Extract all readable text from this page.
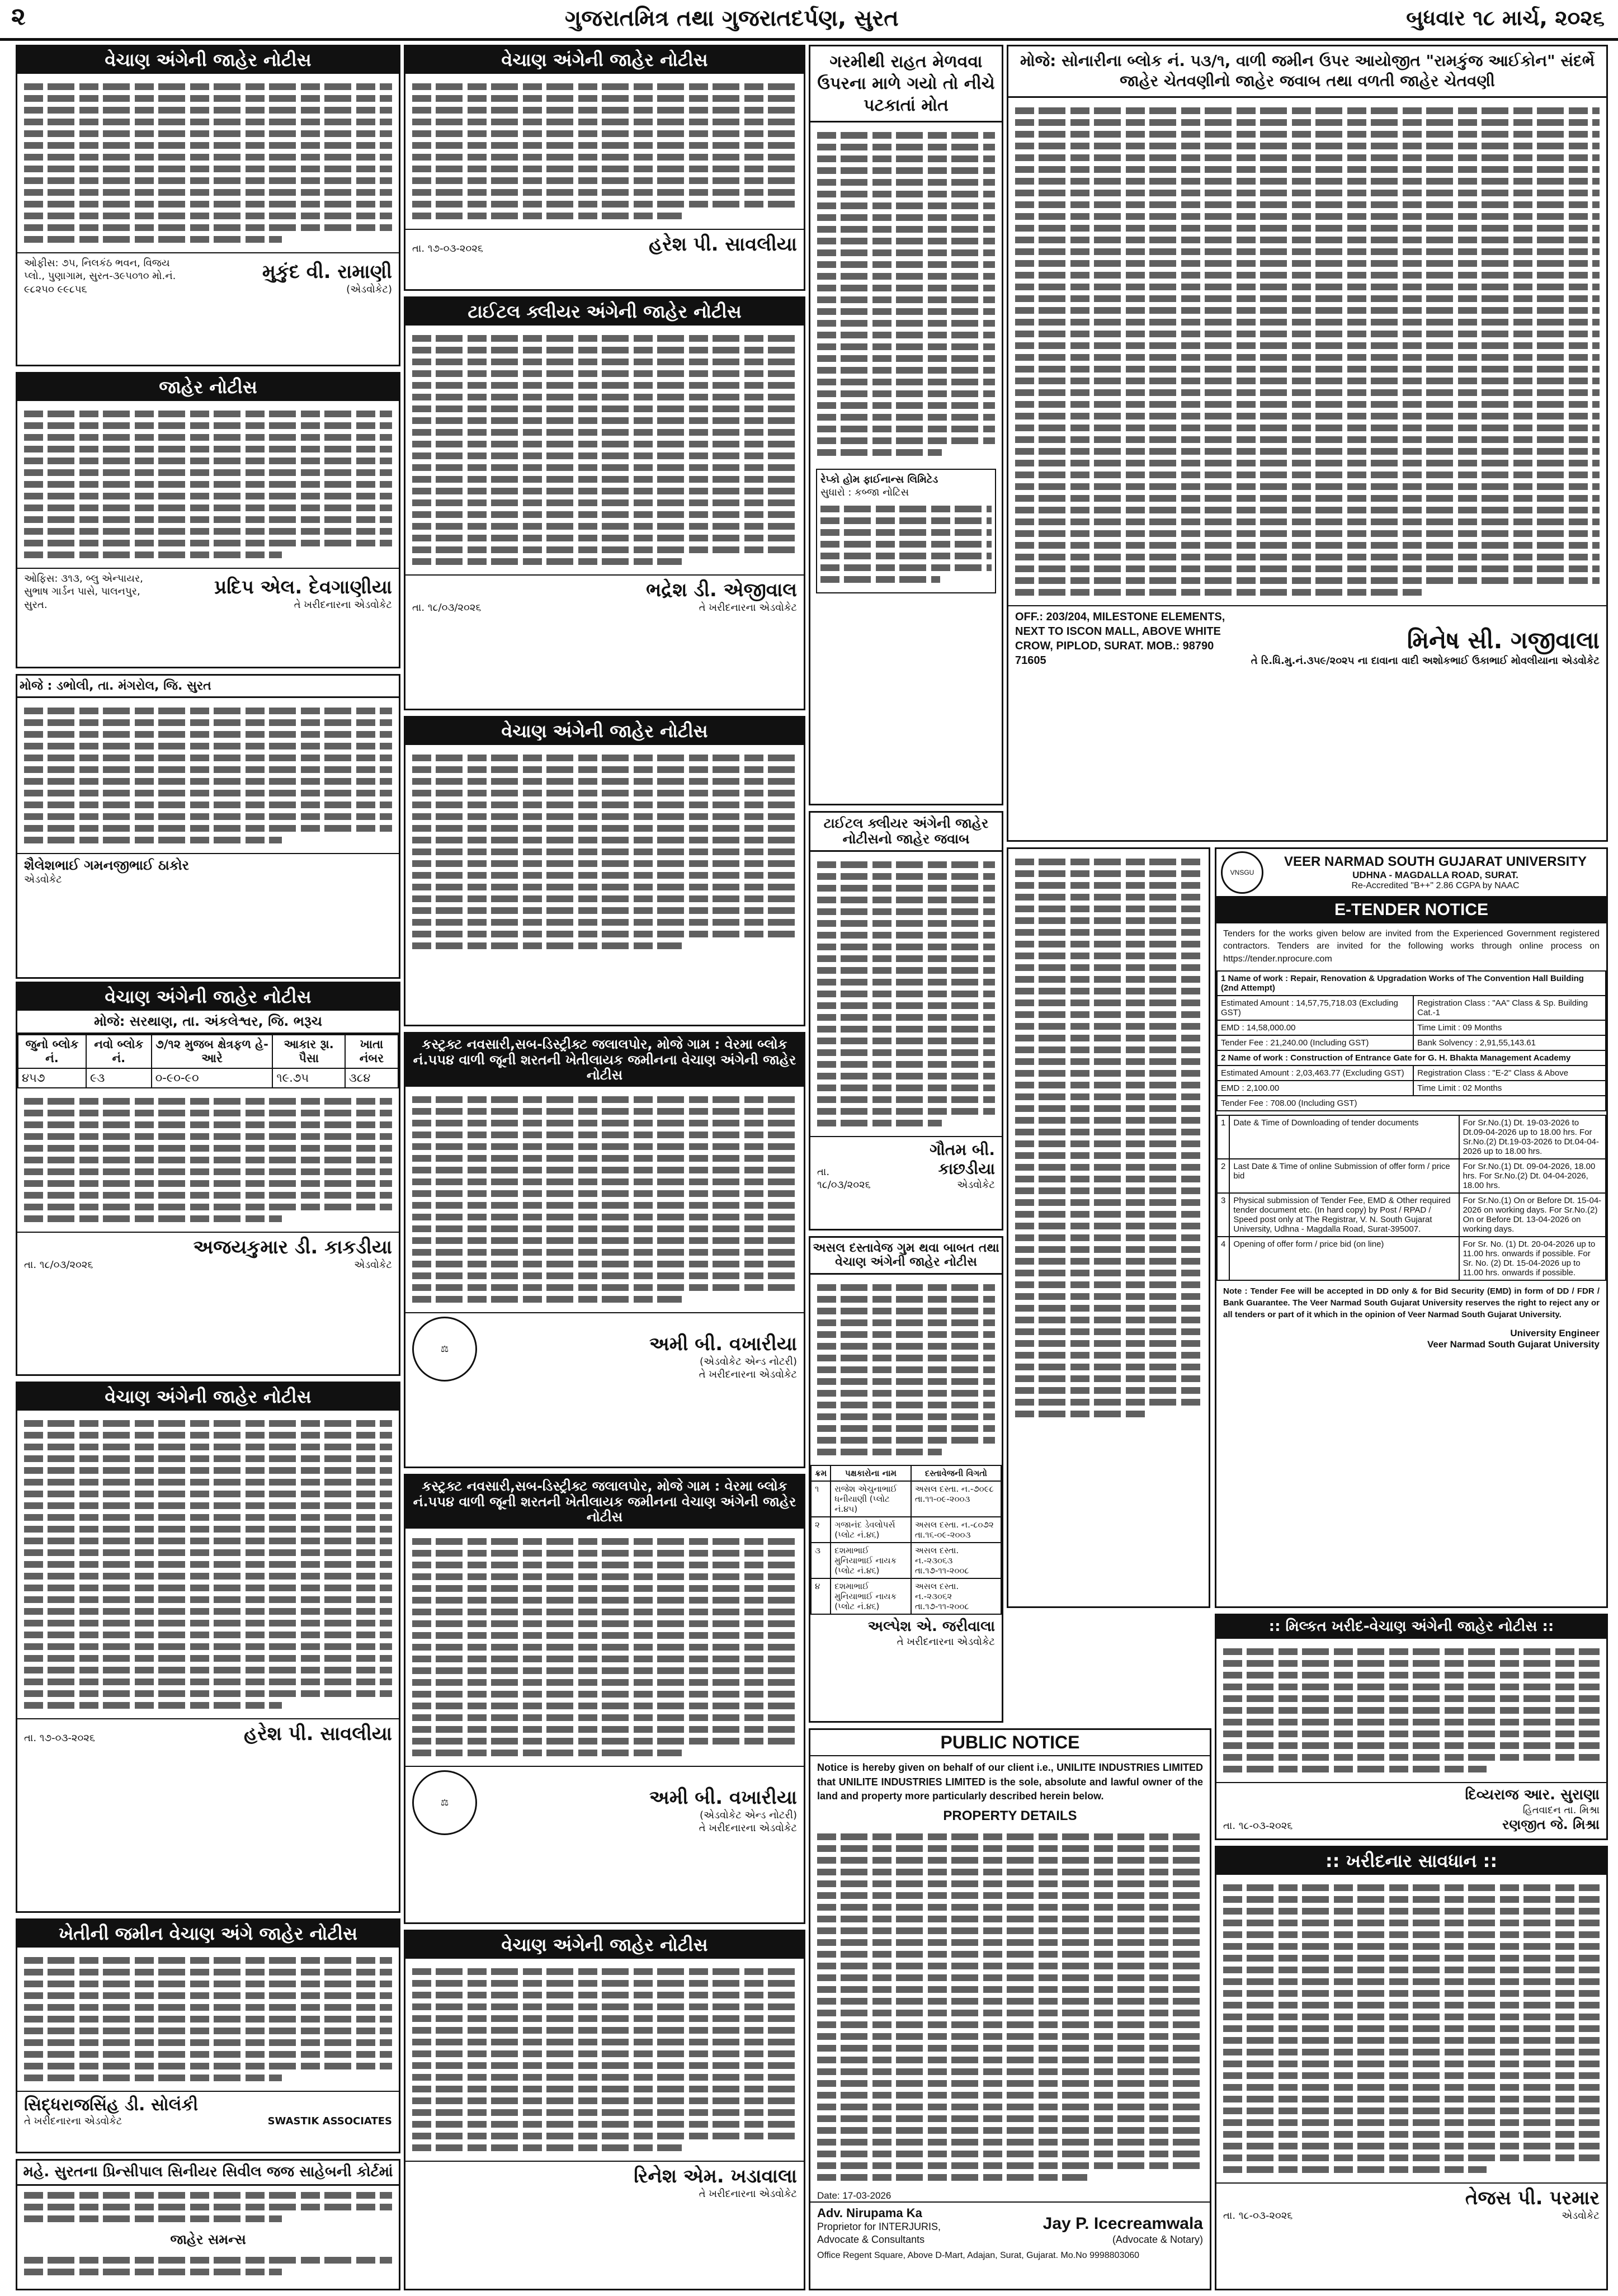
૨	ગુજરાતમિત્ર તથા ગુજરાતદર્પણ, સુરત	બુધવાર ૧૮ માર્ચ, ૨૦૨૬
વેચાણ અંગેની જાહેર નોટીસ
ઓફીસ: ૭૫, નિલકંઠ ભવન, વિજય પ્લો., પુણાગામ, સુરત-૩૯૫૦૧૦ મો.નં. ૯૮૨૫૦ ૯૯૮૫૬
મુકુંદ વી. રામાણી
(એડવોકેટ)
જાહેર નોટીસ
ઓફિસ: ૩૧૩, બ્લુ એન્પાયર, સુભાષ ગાર્ડન પાસે, પાલનપુર, સુરત.
પ્રદિપ એલ. દેવગાણીયા
તે ખરીદનારના એડવોકેટ
મોજે : ડભોલી, તા. મંગરોલ, જિ. સુરત
શૈલેશભાઈ ગમનજીભાઈ ઠાકોર
એડવોકેટ
વેચાણ અંગેની જાહેર નોટીસ
મોજે: સરથાણ, તા. અંકલેશ્વર, જિ. ભરૂચ
જુનો બ્લોક નં.	નવો બ્લોક નં.	૭/૧૨ મુજબ ક્ષેત્રફળ હે-આરે	આકાર રૂા. પૈસા	ખાતા નંબર
૪૫૭	૯૩	૦-૯૦-૯૦	૧૯.૭૫	૩૮૪
તા. ૧૮/૦૩/૨૦૨૬
અજયકુમાર ડી. કાકડીયા
એડવોકેટ
વેચાણ અંગેની જાહેર નોટીસ
તા. ૧૭-૦૩-૨૦૨૬	હરેશ પી. સાવલીયા
ખેતીની જમીન વેચાણ અંગે જાહેર નોટીસ
સિદ્ધરાજસિંહ ડી. સોલંકી
તે ખરીદનારના એડવોકેટ	SWASTIK ASSOCIATES
મહે. સુરતના પ્રિન્સીપાલ સિનીયર સિવીલ જજ સાહેબની કોર્ટમાં
જાહેર સમન્સ
વેચાણ અંગેની જાહેર નોટીસ
તા. ૧૭-૦૩-૨૦૨૬	હરેશ પી. સાવલીયા
ટાઈટલ ક્લીયર અંગેની જાહેર નોટીસ
તા. ૧૮/૦૩/૨૦૨૬
ભદ્રેશ ડી. એજીવાલ
તે ખરીદનારના એડવોકેટ
વેચાણ અંગેની જાહેર નોટીસ
કસ્ટ્રક્ટ નવસારી,સબ-ડિસ્ટ્રીક્ટ જલાલપોર, મોજે ગામ : વેરમા બ્લોક નં.૫૫૪ વાળી જૂની શરતની ખેતીલાયક જમીનના વેચાણ અંગેની જાહેર નોટીસ
⚖	અમી બી. વખારીયા
(એડવોકેટ એન્ડ નોટરી)
તે ખરીદનારના એડવોકેટ
કસ્ટ્રક્ટ નવસારી,સબ-ડિસ્ટ્રીક્ટ જલાલપોર, મોજે ગામ : વેરમા બ્લોક નં.૫૫૪ વાળી જૂની શરતની ખેતીલાયક જમીનના વેચાણ અંગેની જાહેર નોટીસ
⚖	અમી બી. વખારીયા
(એડવોકેટ એન્ડ નોટરી)
તે ખરીદનારના એડવોકેટ
વેચાણ અંગેની જાહેર નોટીસ
રિનેશ એમ. ખડાવાલા
તે ખરીદનારના એડવોકેટ
ગરમીથી રાહત મેળવવા ઉપરના માળે ગયો તો નીચે પટકાતાં મોત
રેપ્કો હોમ ફાઈનાન્સ લિમિટેડ
સુધારો : કબ્જા નોટિસ
ટાઈટલ ક્લીયર અંગેની જાહેર નોટીસનો જાહેર જવાબ
તા. ૧૮/૦૩/૨૦૨૬
ગૌતમ બી. કાછડીયા
એડવોકેટ
અસલ દસ્તાવેજ ગુમ થવા બાબત તથા વેચાણ અંગેની જાહેર નોટીસ
ક્રમ	પક્ષકારોના નામ	દસ્તાવેજની વિગતો
૧	રાજેશ એચુનાભાઈ ધનીયાણી (પ્લોટ નં.૪૫)	અસલ દસ્તા. ન.-૭૦૯૮ તા.૧૧-૦૯-૨૦૦૩
૨	ગજાનંદ ડેવલોપર્સ (પ્લોટ નં.૪૬)	અસલ દસ્તા. ન.-૮૦૭૨ તા.૧૬-૦૯-૨૦૦૩
૩	દશમાભાઈ મુનિયાભાઈ નાયક (પ્લોટ નં.૪૬)	અસલ દસ્તા. ન.-૨૩૦૬૩ તા.૧૭-૧૧-૨૦૦૮
૪	દશમાભાઈ મુનિયાભાઈ નાયક (પ્લોટ નં.૪૬)	અસલ દસ્તા. ન.-૨૩૦૬૨ તા.૧૭-૧૧-૨૦૦૮
અલ્પેશ એ. જરીવાલા
તે ખરીદનારના એડવોકેટ
PUBLIC NOTICE
Notice is hereby given on behalf of our client i.e., UNILITE INDUSTRIES LIMITED that UNILITE INDUSTRIES LIMITED is the sole, absolute and lawful owner of the land and property more particularly described herein below.
PROPERTY DETAILS
Date: 17-03-2026
Adv. Nirupama Ka
Proprietor for INTERJURIS, Advocate & Consultants
Jay P. Icecreamwala
(Advocate & Notary)
Office Regent Square, Above D-Mart, Adajan, Surat, Gujarat. Mo.No 9998803060
મોજે: સોનારીના બ્લોક નં. ૫૩/૧, વાળી જમીન ઉપર આયોજીત "રામકુંજ આઈકોન" સંદર્ભે જાહેર ચેતવણીનો જાહેર જવાબ તથા વળતી જાહેર ચેતવણી
OFF.: 203/204, MILESTONE ELEMENTS, NEXT TO ISCON MALL, ABOVE WHITE CROW, PIPLOD, SURAT. MOB.: 98790 71605
મિનેષ સી. ગજીવાલા
તે રિ.ધિ.મુ.નં.૩૫૯/૨૦૨૫ ના દાવાના વાદી અશોકભાઈ ઉકાભાઈ મોવલીયાના એડવોકેટ
VNSGU
VEER NARMAD SOUTH GUJARAT UNIVERSITY
UDHNA - MAGDALLA ROAD, SURAT.
Re-Accredited "B++" 2.86 CGPA by NAAC
E-TENDER NOTICE
Tenders for the works given below are invited from the Experienced Government registered contractors. Tenders are invited for the following works through online process on https://tender.nprocure.com
1 Name of work : Repair, Renovation & Upgradation Works of The Convention Hall Building (2nd Attempt)	
Estimated Amount : 14,57,75,718.03 (Excluding GST)	Registration Class : "AA" Class & Sp. Building Cat.-1
EMD : 14,58,000.00	Time Limit : 09 Months
Tender Fee : 21,240.00 (Including GST)	Bank Solvency : 2,91,55,143.61
2 Name of work : Construction of Entrance Gate for G. H. Bhakta Management Academy	
Estimated Amount : 2,03,463.77 (Excluding GST)	Registration Class : "E-2" Class & Above
EMD : 2,100.00	Time Limit : 02 Months
Tender Fee : 708.00 (Including GST)	
1	Date & Time of Downloading of tender documents	For Sr.No.(1) Dt. 19-03-2026 to Dt.09-04-2026 up to 18.00 hrs. For Sr.No.(2) Dt.19-03-2026 to Dt.04-04-2026 up to 18.00 hrs.
2	Last Date & Time of online Submission of offer form / price bid	For Sr.No.(1) Dt. 09-04-2026, 18.00 hrs. For Sr.No.(2) Dt. 04-04-2026, 18.00 hrs.
3	Physical submission of Tender Fee, EMD & Other required tender document etc. (In hard copy) by Post / RPAD / Speed post only at The Registrar, V. N. South Gujarat University, Udhna - Magdalla Road, Surat-395007.	For Sr.No.(1) On or Before Dt. 15-04-2026 on working days. For Sr.No.(2) On or Before Dt. 13-04-2026 on working days.
4	Opening of offer form / price bid (on line)	For Sr. No. (1) Dt. 20-04-2026 up to 11.00 hrs. onwards if possible. For Sr. No. (2) Dt. 15-04-2026 up to 11.00 hrs. onwards if possible.
Note : Tender Fee will be accepted in DD only & for Bid Security (EMD) in form of DD / FDR / Bank Guarantee. The Veer Narmad South Gujarat University reserves the right to reject any or all tenders or part of it which in the opinion of Veer Narmad South Gujarat University.
University Engineer
Veer Narmad South Gujarat University
:: મિલ્કત ખરીદ-વેચાણ અંગેની જાહેર નોટીસ ::
તા. ૧૮-૦૩-૨૦૨૬
દિવ્યરાજ આર. સુરાણા
હિતવાદન તા. મિશ્રા
રણજીત જે. મિશ્રા
:: ખરીદનાર સાવધાન ::
તા. ૧૮-૦૩-૨૦૨૬
તેજસ પી. પરમાર
એડવોકેટ
